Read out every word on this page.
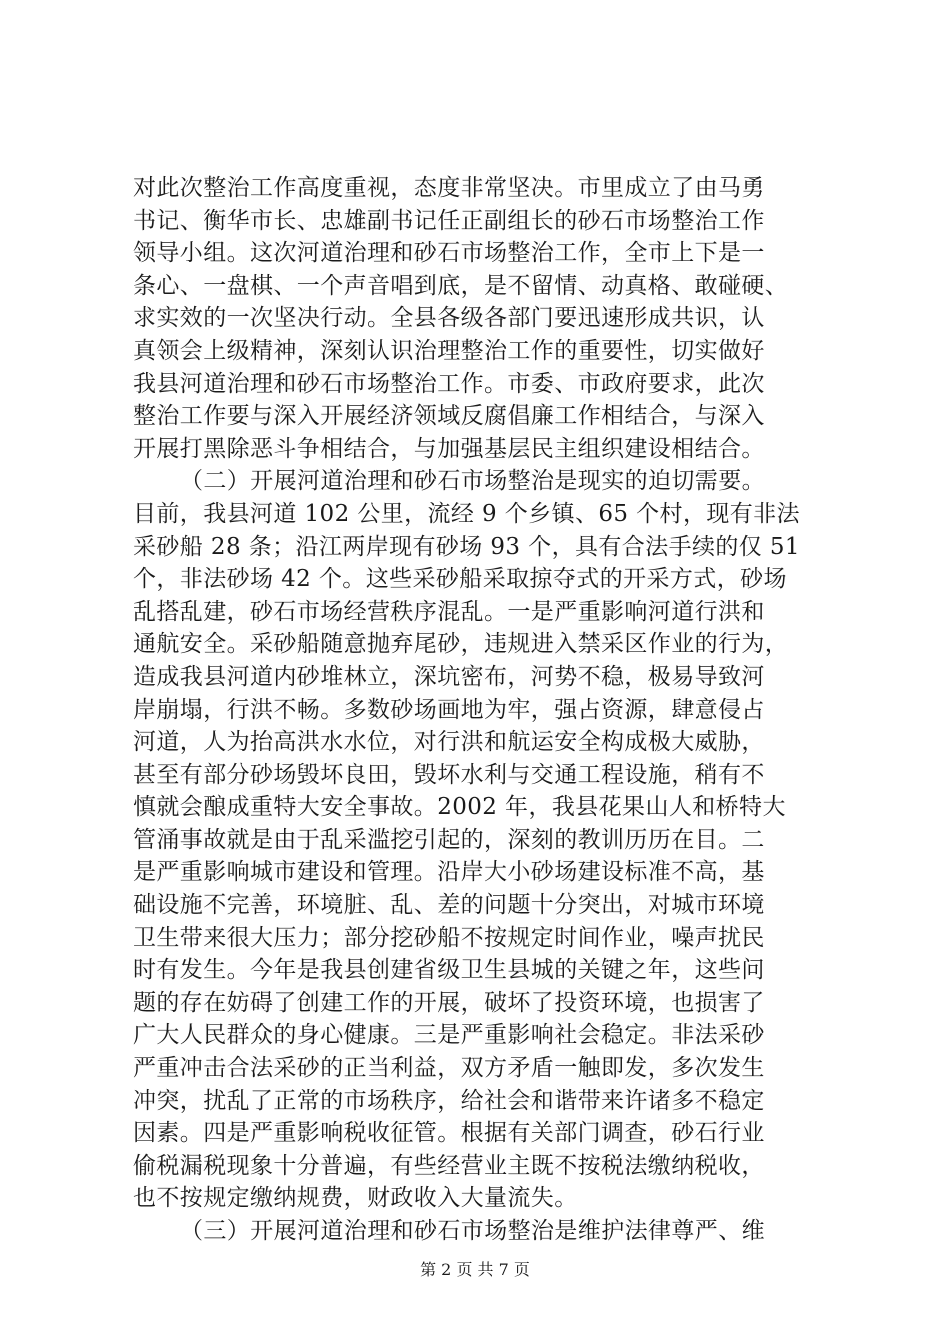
对此次整治工作高度重视，态度非常坚决。市里成立了由马勇
书记、衡华市长、忠雄副书记任正副组长的砂石市场整治工作
领导小组。这次河道治理和砂石市场整治工作，全市上下是一
条心、一盘棋、一个声音唱到底，是不留情、动真格、敢碰硬、
求实效的一次坚决行动。全县各级各部门要迅速形成共识，认
真领会上级精神，深刻认识治理整治工作的重要性，切实做好
我县河道治理和砂石市场整治工作。市委、市政府要求，此次
整治工作要与深入开展经济领域反腐倡廉工作相结合，与深入
开展打黑除恶斗争相结合，与加强基层民主组织建设相结合。
（二）开展河道治理和砂石市场整治是现实的迫切需要。
目前，我县河道 102 公里，流经 9 个乡镇、65 个村，现有非法
采砂船 28 条；沿江两岸现有砂场 93 个，具有合法手续的仅 51
个，非法砂场 42 个。这些采砂船采取掠夺式的开采方式，砂场
乱搭乱建，砂石市场经营秩序混乱。一是严重影响河道行洪和
通航安全。采砂船随意抛弃尾砂，违规进入禁采区作业的行为，
造成我县河道内砂堆林立，深坑密布，河势不稳，极易导致河
岸崩塌，行洪不畅。多数砂场画地为牢，强占资源，肆意侵占
河道，人为抬高洪水水位，对行洪和航运安全构成极大威胁，
甚至有部分砂场毁坏良田，毁坏水利与交通工程设施，稍有不
慎就会酿成重特大安全事故。2002 年，我县花果山人和桥特大
管涌事故就是由于乱采滥挖引起的，深刻的教训历历在目。二
是严重影响城市建设和管理。沿岸大小砂场建设标准不高，基
础设施不完善，环境脏、乱、差的问题十分突出，对城市环境
卫生带来很大压力；部分挖砂船不按规定时间作业，噪声扰民
时有发生。今年是我县创建省级卫生县城的关键之年，这些问
题的存在妨碍了创建工作的开展，破坏了投资环境，也损害了
广大人民群众的身心健康。三是严重影响社会稳定。非法采砂
严重冲击合法采砂的正当利益，双方矛盾一触即发，多次发生
冲突，扰乱了正常的市场秩序，给社会和谐带来许诸多不稳定
因素。四是严重影响税收征管。根据有关部门调查，砂石行业
偷税漏税现象十分普遍，有些经营业主既不按税法缴纳税收，
也不按规定缴纳规费，财政收入大量流失。
（三）开展河道治理和砂石市场整治是维护法律尊严、维
第 2 页 共 7 页
